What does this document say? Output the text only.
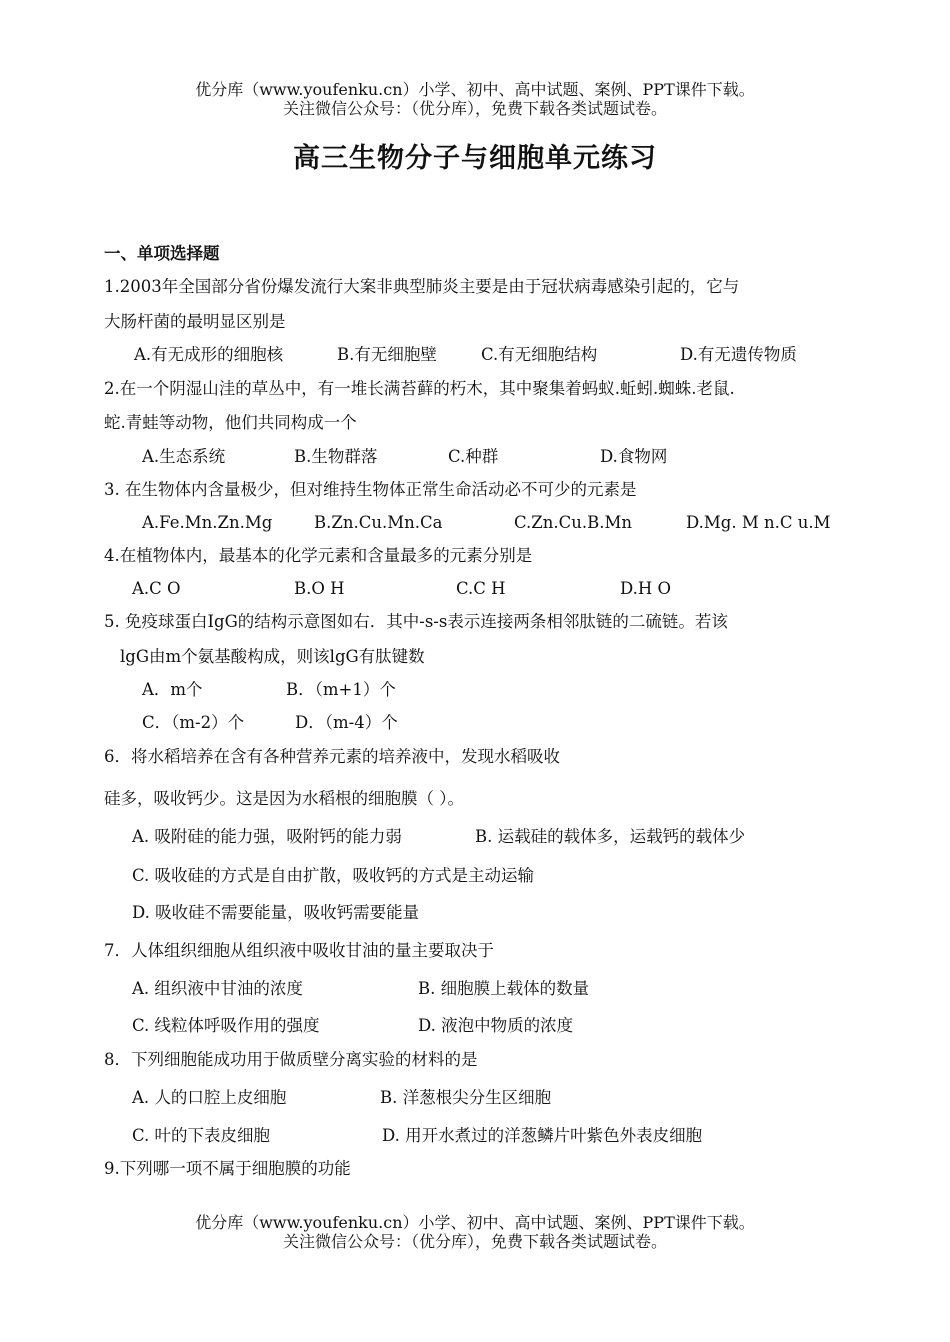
优分库（www.youfenku.cn）小学、初中、高中试题、案例、PPT课件下载。
关注微信公众号：（优分库），免费下载各类试题试卷。
高三生物分子与细胞单元练习
一、单项选择题
1.2003年全国部分省份爆发流行大案非典型肺炎主要是由于冠状病毒感染引起的，它与
大肠杆菌的最明显区别是
A.有无成形的细胞核	B.有无细胞壁	C.有无细胞结构	D.有无遗传物质
2.在一个阴湿山洼的草丛中，有一堆长满苔藓的朽木，其中聚集着蚂蚁.蚯蚓.蜘蛛.老鼠.
蛇.青蛙等动物，他们共同构成一个
A.生态系统	B.生物群落	C.种群	D.食物网
3. 在生物体内含量极少，但对维持生物体正常生命活动必不可少的元素是
A.Fe.Mn.Zn.Mg	B.Zn.Cu.Mn.Ca	C.Zn.Cu.B.Mn	D.Mg. M n.C u.M
4.在植物体内，最基本的化学元素和含量最多的元素分别是
A.C O	B.O H	C.C H	D.H O
5. 免疫球蛋白IgG的结构示意图如右．其中-s-s表示连接两条相邻肽链的二硫链。若该
lgG由m个氨基酸构成，则该lgG有肽键数
A．m个	B．（m+1）个
C．（m-2）个	D．（m-4）个
6．将水稻培养在含有各种营养元素的培养液中，发现水稻吸收
硅多，吸收钙少。这是因为水稻根的细胞膜（ ）。
A. 吸附硅的能力强，吸附钙的能力弱	B. 运载硅的载体多，运载钙的载体少
C. 吸收硅的方式是自由扩散，吸收钙的方式是主动运输
D. 吸收硅不需要能量，吸收钙需要能量
7．人体组织细胞从组织液中吸收甘油的量主要取决于
A. 组织液中甘油的浓度	B. 细胞膜上载体的数量
C. 线粒体呼吸作用的强度	D. 液泡中物质的浓度
8．下列细胞能成功用于做质壁分离实验的材料的是
A. 人的口腔上皮细胞	B. 洋葱根尖分生区细胞
C. 叶的下表皮细胞	D. 用开水煮过的洋葱鳞片叶紫色外表皮细胞
9.下列哪一项不属于细胞膜的功能
优分库（www.youfenku.cn）小学、初中、高中试题、案例、PPT课件下载。
关注微信公众号：（优分库），免费下载各类试题试卷。
